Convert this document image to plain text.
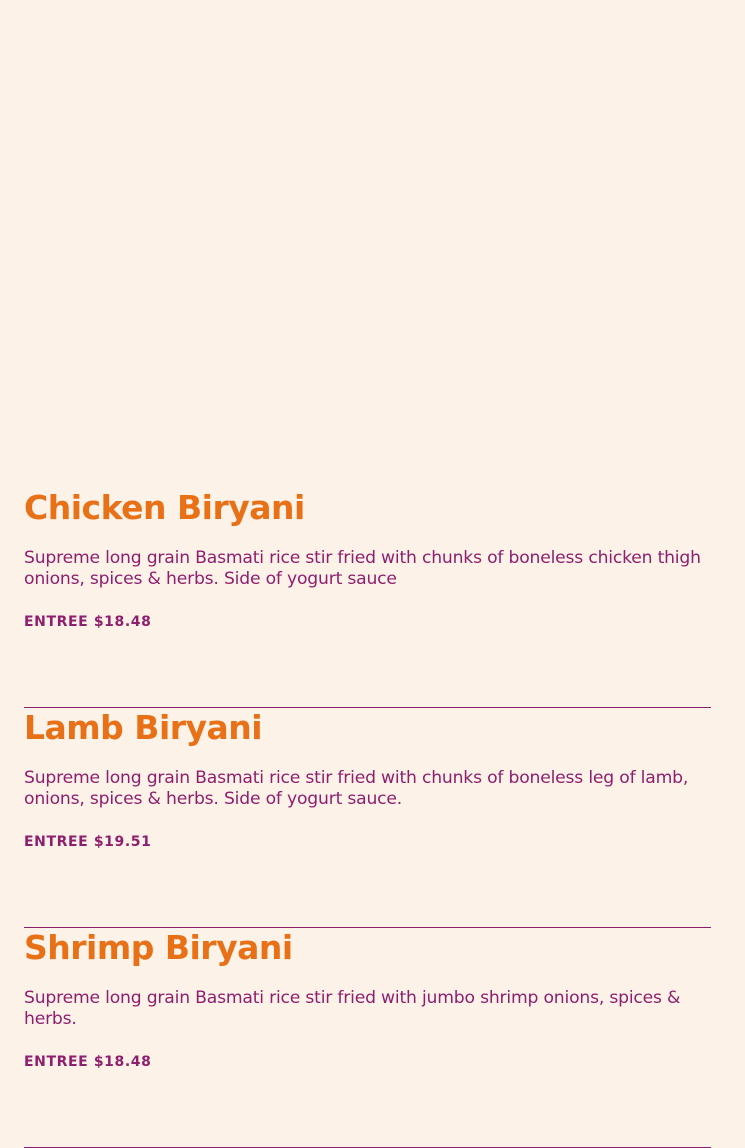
Chicken Biryani

Supreme long grain Basmati rice stir fried with chunks of boneless chicken thigh onions, spices & herbs. Side of yogurt sauce

ENTREE $18.48

Lamb Biryani

Supreme long grain Basmati rice stir fried with chunks of boneless leg of lamb, onions, spices & herbs. Side of yogurt sauce.

ENTREE $19.51

Shrimp Biryani

Supreme long grain Basmati rice stir fried with jumbo shrimp onions, spices & herbs.

ENTREE $18.48
